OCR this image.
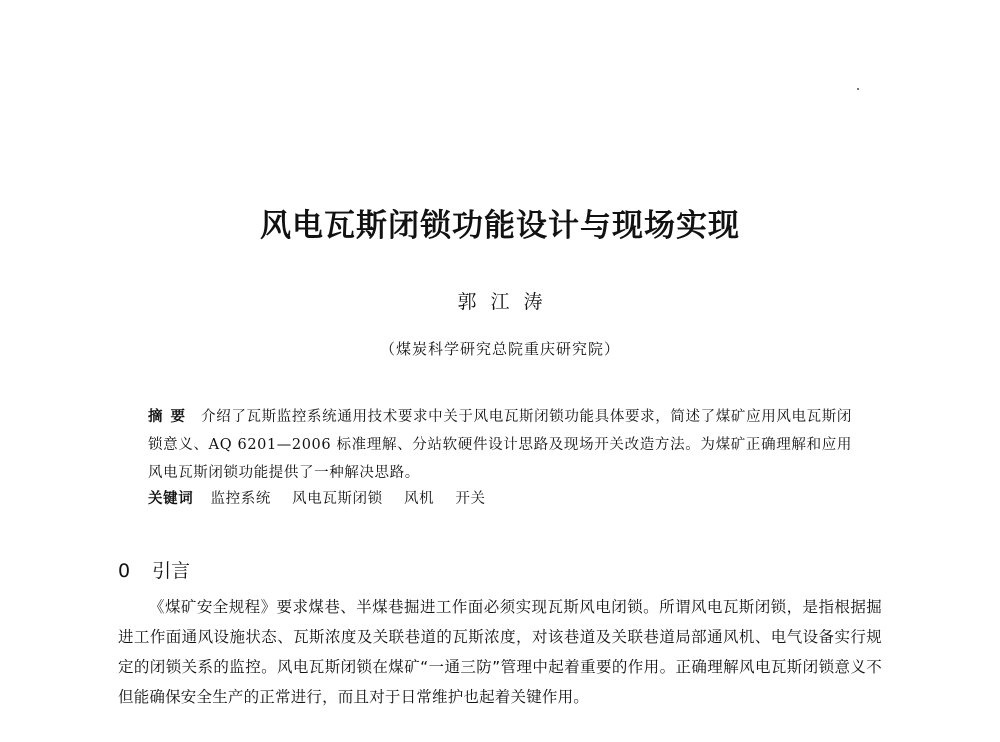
风电瓦斯闭锁功能设计与现场实现
郭江涛
（煤炭科学研究总院重庆研究院）
摘要 介绍了瓦斯监控系统通用技术要求中关于风电瓦斯闭锁功能具体要求，简述了煤矿应用风电瓦斯闭锁意义、AQ 6201—2006 标准理解、分站软硬件设计思路及现场开关改造方法。为煤矿正确理解和应用风电瓦斯闭锁功能提供了一种解决思路。
关键词 监控系统 风电瓦斯闭锁 风机 开关
0 引言
《煤矿安全规程》要求煤巷、半煤巷掘进工作面必须实现瓦斯风电闭锁。所谓风电瓦斯闭锁，是指根据掘进工作面通风设施状态、瓦斯浓度及关联巷道的瓦斯浓度，对该巷道及关联巷道局部通风机、电气设备实行规定的闭锁关系的监控。风电瓦斯闭锁在煤矿“一通三防”管理中起着重要的作用。正确理解风电瓦斯闭锁意义不但能确保安全生产的正常进行，而且对于日常维护也起着关键作用。
